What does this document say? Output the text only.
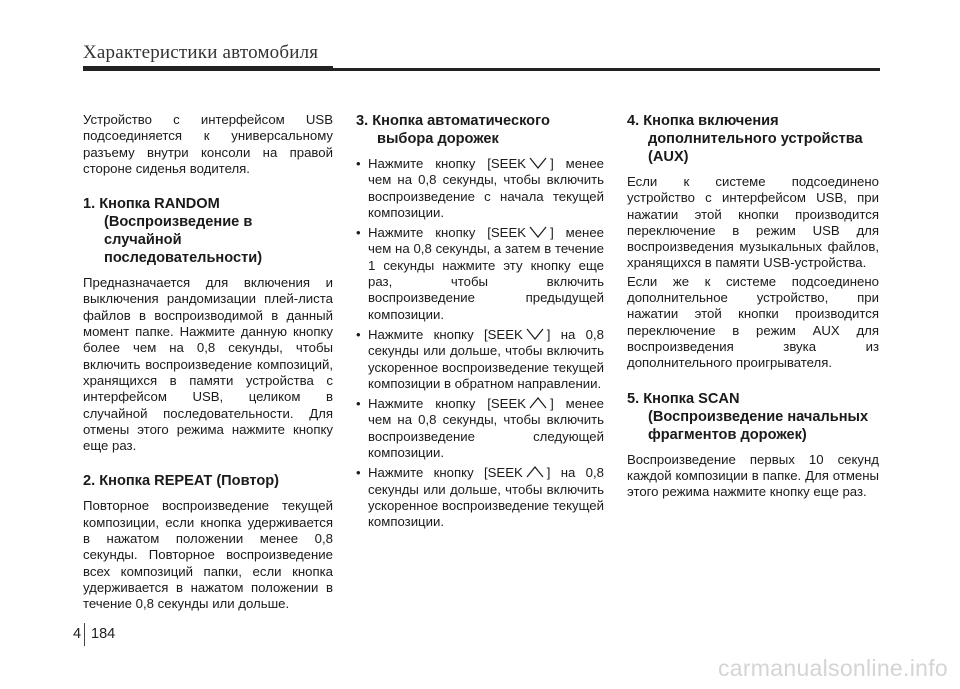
Характеристики автомобиля

Устройство с интерфейсом USB подсоединяется к универсальному разъему внутри консоли на правой стороне сиденья водителя.

1. Кнопка RANDOM
(Воспроизведение в случайной последовательности)

Предназначается для включения и выключения рандомизации плей-листа файлов в воспроизводимой в данный момент папке. Нажмите данную кнопку более чем на 0,8 секунды, чтобы включить воспроизведение композиций, хранящихся в памяти устройства с интерфейсом USB, целиком в случайной последовательности. Для отмены этого режима нажмите кнопку еще раз.

2. Кнопка REPEAT (Повтор)

Повторное воспроизведение текущей композиции, если кнопка удерживается в нажатом положении менее 0,8 секунды. Повторное воспроизведение всех композиций папки, если кнопка удерживается в нажатом положении в течение 0,8 секунды или дольше.

3. Кнопка автоматического
выбора дорожек
• Нажмите кнопку [SEEK ] менее чем на 0,8 секунды, чтобы включить воспроизведение с начала текущей композиции.
• Нажмите кнопку [SEEK ] менее чем на 0,8 секунды, а затем в течение 1 секунды нажмите эту кнопку еще раз, чтобы включить воспроизведение предыдущей композиции.
• Нажмите кнопку [SEEK ] на 0,8 секунды или дольше, чтобы включить ускоренное воспроизведение текущей композиции в обратном направлении.
• Нажмите кнопку [SEEK ] менее чем на 0,8 секунды, чтобы включить воспроизведение следующей композиции.
• Нажмите кнопку [SEEK ] на 0,8 секунды или дольше, чтобы включить ускоренное воспроизведение текущей композиции.
4. Кнопка включения
дополнительного устройства (AUX)

Если к системе подсоединено устройство с интерфейсом USB, при нажатии этой кнопки производится переключение в режим USB для воспроизведения музыкальных файлов, хранящихся в памяти USB-устройства.

Если же к системе подсоединено дополнительное устройство, при нажатии этой кнопки производится переключение в режим AUX для воспроизведения звука из дополнительного проигрывателя.

5. Кнопка SCAN
(Воспроизведение начальных фрагментов дорожек)

Воспроизведение первых 10 секунд каждой композиции в папке. Для отмены этого режима нажмите кнопку еще раз.

4 184
carmanualsonline.info
